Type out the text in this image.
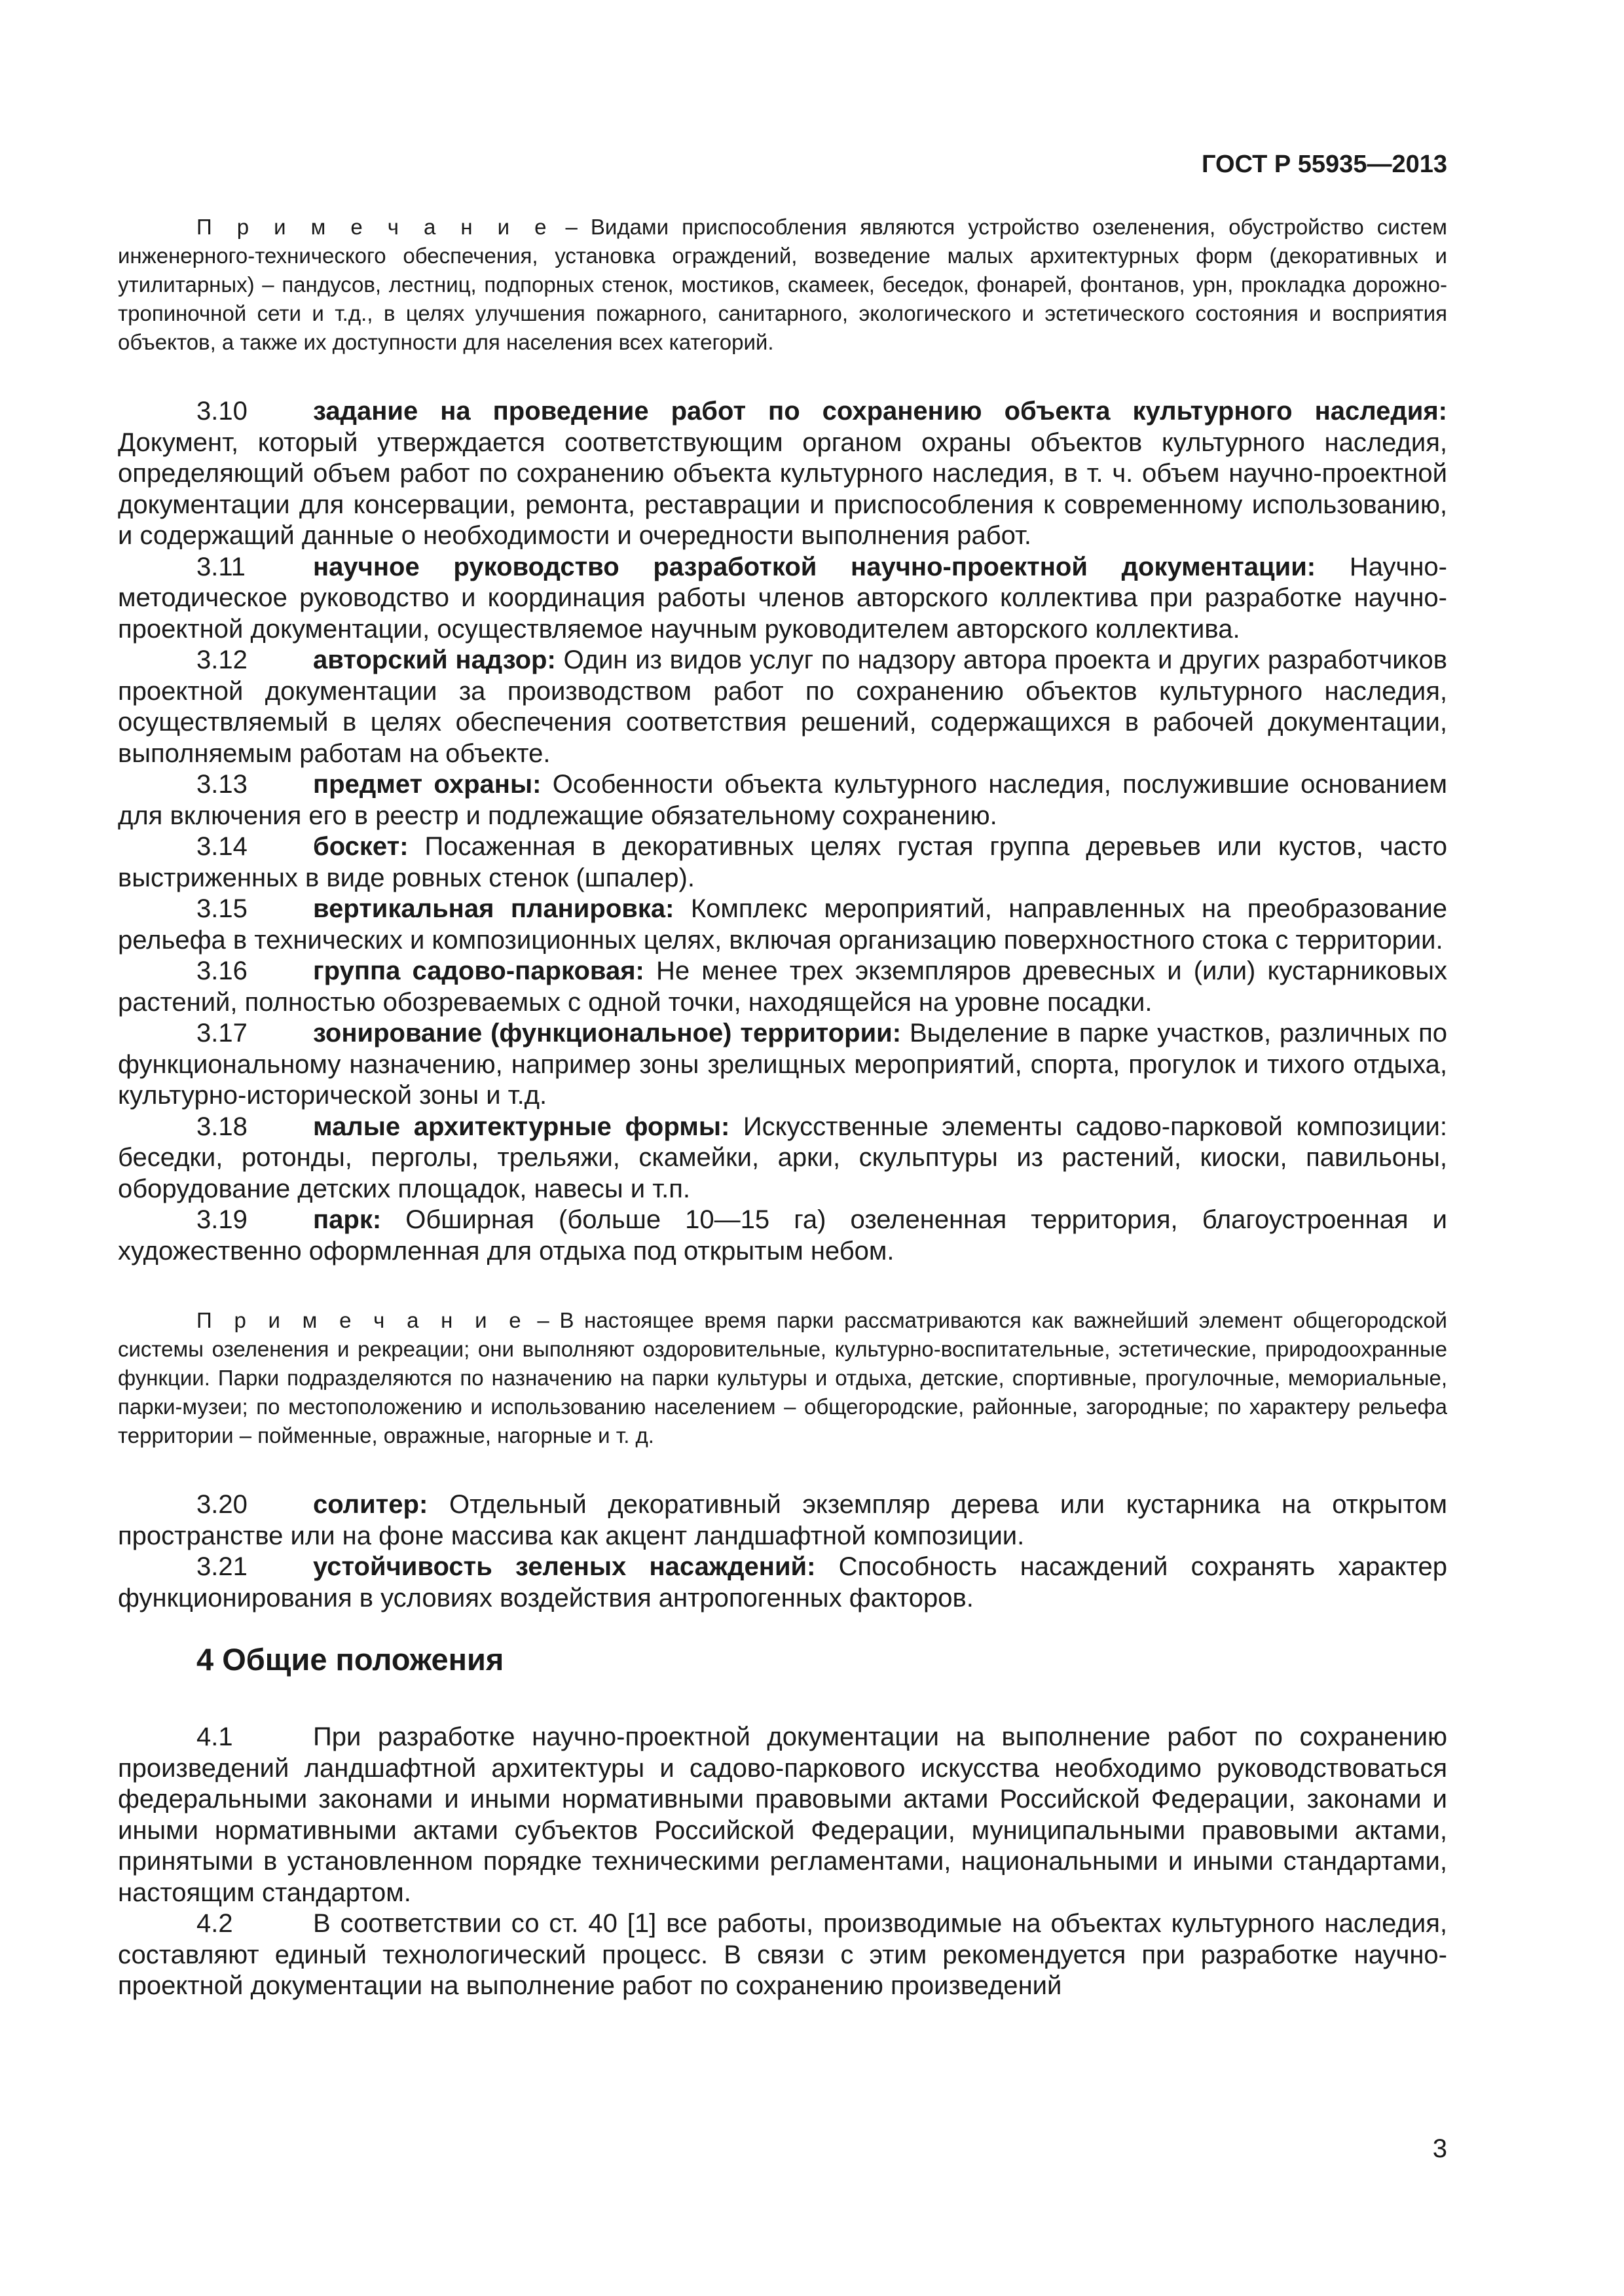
ГОСТ Р 55935—2013

П р и м е ч а н и е – Видами приспособления являются устройство озеленения, обустройство систем инженерного-технического обеспечения, установка ограждений, возведение малых архитектурных форм (декоративных и утилитарных) – пандусов, лестниц, подпорных стенок, мостиков, скамеек, беседок, фонарей, фонтанов, урн, прокладка дорожно-тропиночной сети и т.д., в целях улучшения пожарного, санитарного, экологического и эстетического состояния и восприятия объектов, а также их доступности для населения всех категорий.

3.10	задание на проведение работ по сохранению объекта культурного наследия: Документ, который утверждается соответствующим органом охраны объектов культурного наследия, определяющий объем работ по сохранению объекта культурного наследия, в т. ч. объем научно-проектной документации для консервации, ремонта, реставрации и приспособления к современному использованию, и содержащий данные о необходимости и очередности выполнения работ.

3.11	научное руководство разработкой научно-проектной документации: Научно-методическое руководство и координация работы членов авторского коллектива при разработке научно-проектной документации, осуществляемое научным руководителем авторского коллектива.

3.12	авторский надзор: Один из видов услуг по надзору автора проекта и других разработчиков проектной документации за производством работ по сохранению объектов культурного наследия, осуществляемый в целях обеспечения соответствия решений, содержащихся в рабочей документации, выполняемым работам на объекте.

3.13	предмет охраны: Особенности объекта культурного наследия, послужившие основанием для включения его в реестр и подлежащие обязательному сохранению.

3.14	боскет: Посаженная в декоративных целях густая группа деревьев или кустов, часто выстриженных в виде ровных стенок (шпалер).

3.15	вертикальная планировка: Комплекс мероприятий, направленных на преобразование рельефа в технических и композиционных целях, включая организацию поверхностного стока с территории.

3.16	группа садово-парковая: Не менее трех экземпляров древесных и (или) кустарниковых растений, полностью обозреваемых с одной точки, находящейся на уровне посадки.

3.17	зонирование (функциональное) территории: Выделение в парке участков, различных по функциональному назначению, например зоны зрелищных мероприятий, спорта, прогулок и тихого отдыха, культурно-исторической зоны и т.д.

3.18	малые архитектурные формы: Искусственные элементы садово-парковой композиции: беседки, ротонды, перголы, трельяжи, скамейки, арки, скульптуры из растений, киоски, павильоны, оборудование детских площадок, навесы и т.п.

3.19	парк: Обширная (больше 10—15 га) озелененная территория, благоустроенная и художественно оформленная для отдыха под открытым небом.

П р и м е ч а н и е – В настоящее время парки рассматриваются как важнейший элемент общегородской системы озеленения и рекреации; они выполняют оздоровительные, культурно-воспитательные, эстетические, природоохранные функции. Парки подразделяются по назначению на парки культуры и отдыха, детские, спортивные, прогулочные, мемориальные, парки-музеи; по местоположению и использованию населением – общегородские, районные, загородные; по характеру рельефа территории – пойменные, овражные, нагорные и т. д.

3.20	солитер: Отдельный декоративный экземпляр дерева или кустарника на открытом пространстве или на фоне массива как акцент ландшафтной композиции.

3.21	устойчивость зеленых насаждений: Способность насаждений сохранять характер функционирования в условиях воздействия антропогенных факторов.

4 Общие положения

4.1	При разработке научно-проектной документации на выполнение работ по сохранению произведений ландшафтной архитектуры и садово-паркового искусства необходимо руководствоваться федеральными законами и иными нормативными правовыми актами Российской Федерации, законами и иными нормативными актами субъектов Российской Федерации, муниципальными правовыми актами, принятыми в установленном порядке техническими регламентами, национальными и иными стандартами, настоящим стандартом.

4.2	В соответствии со ст. 40 [1] все работы, производимые на объектах культурного наследия, составляют единый технологический процесс. В связи с этим рекомендуется при разработке научно-проектной документации на выполнение работ по сохранению произведений

3
